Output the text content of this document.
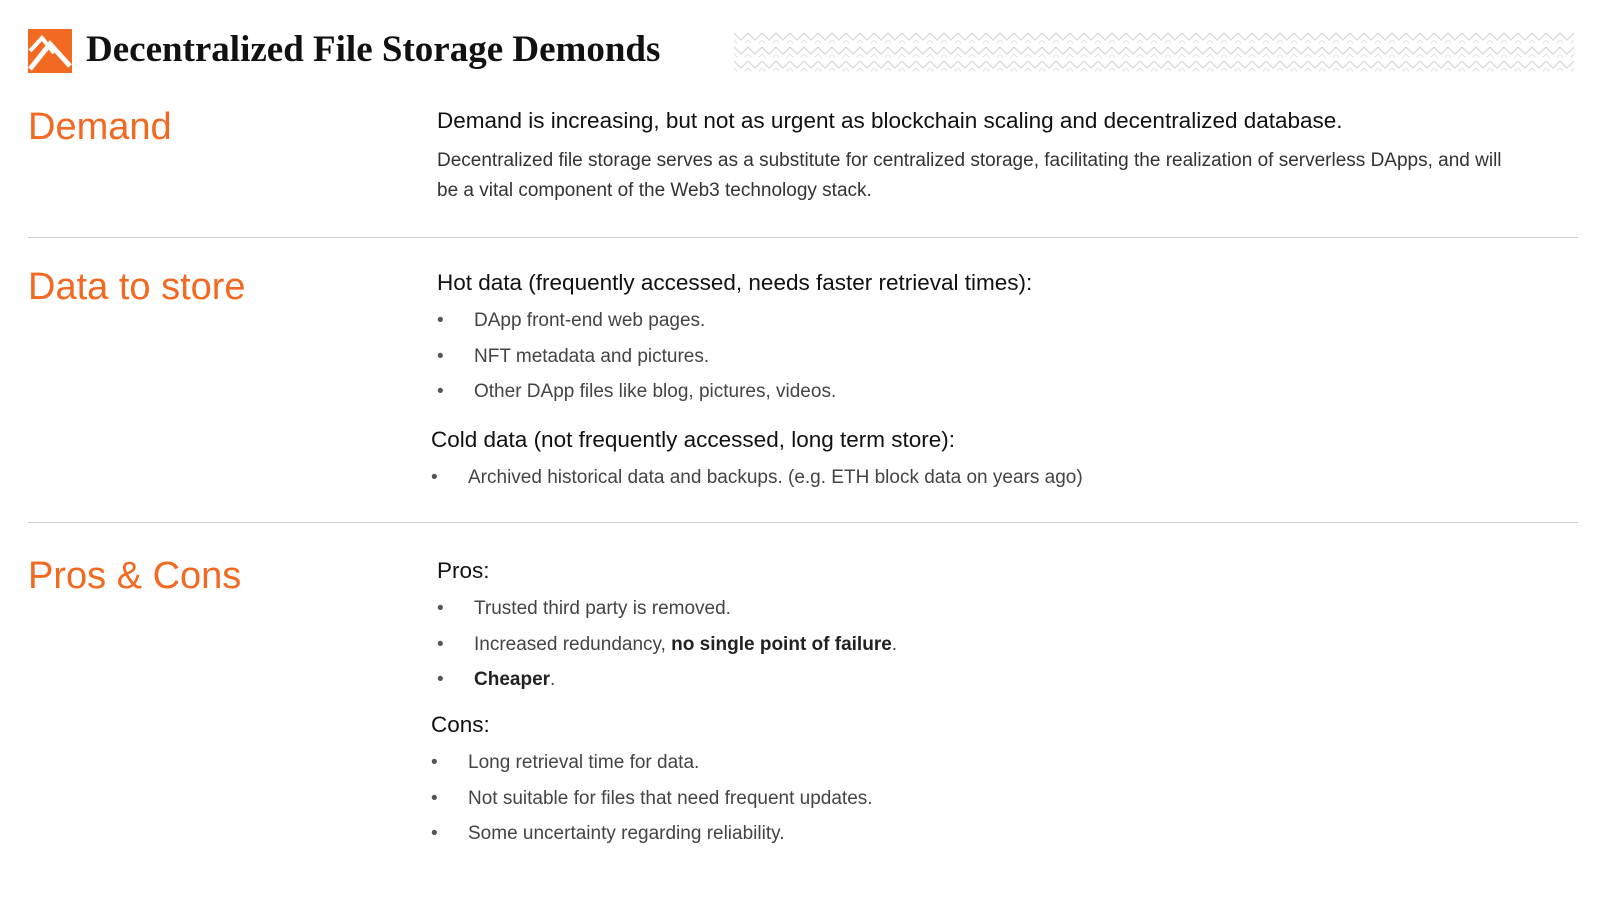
Decentralized File Storage Demonds
Demand	Demand is increasing, but not as urgent as blockchain scaling and decentralized database.
Decentralized file storage serves as a substitute for centralized storage, facilitating the realization of serverless DApps, and will be a vital component of the Web3 technology stack.
Data to store	Hot data (frequently accessed, needs faster retrieval times):
• DApp front-end web pages.
• NFT metadata and pictures.
• Other DApp files like blog, pictures, videos.
Cold data (not frequently accessed, long term store):
• Archived historical data and backups. (e.g. ETH block data on years ago)
Pros & Cons	Pros:
• Trusted third party is removed.
• Increased redundancy, no single point of failure.
• Cheaper.
Cons:
• Long retrieval time for data.
• Not suitable for files that need frequent updates.
• Some uncertainty regarding reliability.
